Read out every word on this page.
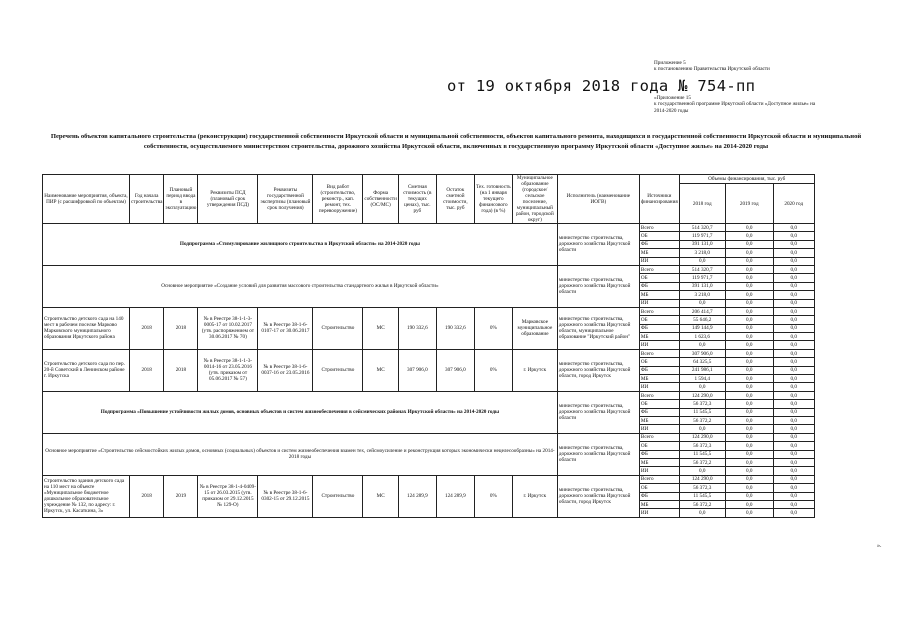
Приложение 5
к постановлению Правительства Иркутской области
от 19 октября 2018 года № 754-пп
«Приложение 15
к государственной программе Иркутской области «Доступное жилье» на
2014-2020 годы
Перечень объектов капитального строительства (реконструкции) государственной собственности Иркутской области и муниципальной собственности, объектов капитального ремонта, находящихся в государственной собственности Иркутской области и муниципальной собственности, осуществляемого министерством строительства, дорожного хозяйства Иркутской области, включенных в государственную программу Иркутской области «Доступное жилье» на 2014-2020 годы
Наименование мероприятия, объекта, ПИР (с расшифровкой по объектам)	Год начала строительства	Плановый период ввода в эксплуатацию	Реквизиты ПСД (плановый срок утверждения ПСД)	Реквизиты государственной экспертизы (плановый срок получения)	Вид работ (строительство, реконстр., кап. ремонт, тех. перевооружение)	Форма собственности (ОС/МС)	Сметная стоимость (в текущих ценах), тыс. руб	Остаток сметной стоимости, тыс. руб	Тех. готовность (на 1 января текущего финансового года) (в %)	Муниципальное образование (городское/сельское поселение, муниципальный район, городской округ)	Исполнитель (наименование ИОГВ)	Источники финансирования	Объемы финансирования, тыс. руб		
													2018 год	2019 год	2020 год
Подпрограмма «Стимулирование жилищного строительства в Иркутской области» на 2014-2020 годы											министерство строительства, дорожного хозяйства Иркутской области	Всего	514 320,7	0,0	0,0
												ОБ	119 971,7	0,0	0,0
												ФБ	391 131,0	0,0	0,0
												МБ	3 218,0	0,0	0,0
												ИИ	0,0	0,0	0,0
Основное мероприятие «Создание условий для развития массового строительства стандартного жилья в Иркутской области»											министерство строительства, дорожного хозяйства Иркутской области	Всего	514 320,7	0,0	0,0
												ОБ	119 971,7	0,0	0,0
												ФБ	391 131,0	0,0	0,0
												МБ	3 218,0	0,0	0,0
												ИИ	0,0	0,0	0,0
Строительство детского сада на 140 мест в рабочем поселке Марково Марковского муниципального образования Иркутского района	2018	2018	№ в Реестре 38-1-1-3-0005-17 от 10.02.2017 (утв. распоряжением от 30.06.2017 № 70)	№ в Реестре 38-1-6-0107-17 от 30.06.2017	Строительство	МС	190 332,6	190 332,6	0%	Марковское муниципальное образование	министерство строительства, дорожного хозяйства Иркутской области, муниципальное образование "Иркутский район"	Всего	206 414,7	0,0	0,0
												ОБ	55 646,2	0,0	0,0
												ФБ	149 144,9	0,0	0,0
												МБ	1 623,6	0,0	0,0
												ИИ	0,0	0,0	0,0
Строительство детского сада по пер. 20-й Советский в Ленинском районе г. Иркутска	2018	2018	№ в Реестре 38-1-1-3-0014-16 от 23.05.2016 (утв. приказом от 05.06.2017 № 57)	№ в Реестре 38-1-6-0037-16 от 23.05.2016	Строительство	МС	307 906,0	307 906,0	0%	г. Иркутск	министерство строительства, дорожного хозяйства Иркутской области, город Иркутск	Всего	307 906,0	0,0	0,0
												ОБ	64 325,5	0,0	0,0
												ФБ	241 986,1	0,0	0,0
												МБ	1 594,4	0,0	0,0
												ИИ	0,0	0,0	0,0
Подпрограмма «Повышение устойчивости жилых домов, основных объектов и систем жизнеобеспечения в сейсмических районах Иркутской области» на 2014-2020 годы											министерство строительства, дорожного хозяйства Иркутской области	Всего	124 290,0	0,0	0,0
												ОБ	56 372,3	0,0	0,0
												ФБ	11 545,5	0,0	0,0
												МБ	56 372,2	0,0	0,0
												ИИ	0,0	0,0	0,0
Основное мероприятие «Строительство сейсмостойких жилых домов, основных (социальных) объектов и систем жизнеобеспечения взамен тех, сейсмоусиление и реконструкция которых экономически нецелесообразны» на 2014-2018 годы											министерство строительства, дорожного хозяйства Иркутской области	Всего	124 290,0	0,0	0,0
												ОБ	56 372,3	0,0	0,0
												ФБ	11 545,5	0,0	0,0
												МБ	56 372,2	0,0	0,0
												ИИ	0,0	0,0	0,0
Строительство здания детского сада на 110 мест на объекте «Муниципальное бюджетное дошкольное образовательное учреждение № 132, по адресу: г. Иркутск, ул. Касаткина, 3»	2018	2019	№ в Реестре 38-1-4-0409-15 от 26.03.2015 (утв. приказом от 29.12.2015 № 129-О)	№ в Реестре 38-1-6-0302-15 от 29.12.2015	Строительство	МС	124 289,9	124 289,9	0%	г. Иркутск	министерство строительства, дорожного хозяйства Иркутской области, город Иркутск	Всего	124 290,0	0,0	0,0
												ОБ	56 372,3	0,0	0,0
												ФБ	11 545,5	0,0	0,0
												МБ	56 372,2	0,0	0,0
												ИИ	0,0	0,0	0,0
».
